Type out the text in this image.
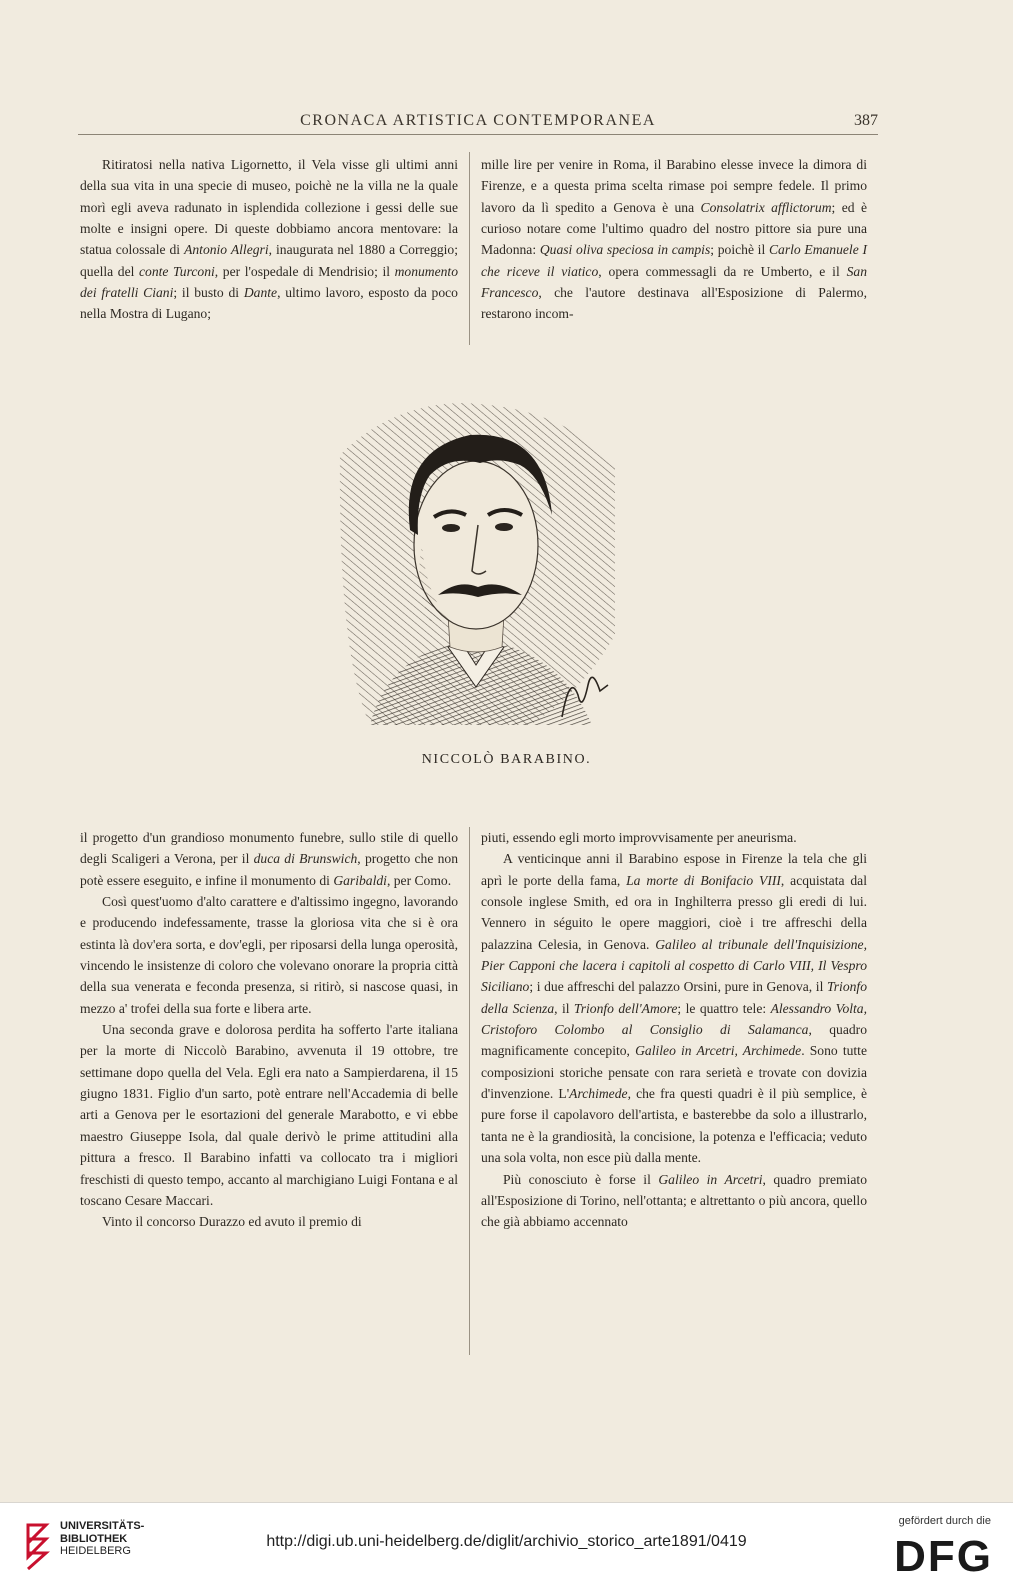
CRONACA ARTISTICA CONTEMPORANEA	387

Ritiratosi nella nativa Ligornetto, il Vela visse gli ultimi anni della sua vita in una specie di museo, poichè ne la villa ne la quale morì egli aveva radunato in isplendida collezione i gessi delle sue molte e insigni opere. Di queste dobbiamo ancora mentovare: la statua colossale di Antonio Allegri, inaugurata nel 1880 a Correggio; quella del conte Turconi, per l'ospedale di Mendrisio; il monumento dei fratelli Ciani; il busto di Dante, ultimo lavoro, esposto da poco nella Mostra di Lugano;

mille lire per venire in Roma, il Barabino elesse invece la dimora di Firenze, e a questa prima scelta rimase poi sempre fedele. Il primo lavoro da lì spedito a Genova è una Consolatrix afflictorum; ed è curioso notare come l'ultimo quadro del nostro pittore sia pure una Madonna: Quasi oliva speciosa in campis; poichè il Carlo Emanuele I che riceve il viatico, opera commessagli da re Umberto, e il San Francesco, che l'autore destinava all'Esposizione di Palermo, restarono incom-

NICCOLÒ BARABINO.

il progetto d'un grandioso monumento funebre, sullo stile di quello degli Scaligeri a Verona, per il duca di Brunswich, progetto che non potè essere eseguito, e infine il monumento di Garibaldi, per Como.

Così quest'uomo d'alto carattere e d'altissimo ingegno, lavorando e producendo indefessamente, trasse la gloriosa vita che si è ora estinta là dov'era sorta, e dov'egli, per riposarsi della lunga operosità, vincendo le insistenze di coloro che volevano onorare la propria città della sua venerata e feconda presenza, si ritirò, si nascose quasi, in mezzo a' trofei della sua forte e libera arte.

Una seconda grave e dolorosa perdita ha sofferto l'arte italiana per la morte di Niccolò Barabino, avvenuta il 19 ottobre, tre settimane dopo quella del Vela. Egli era nato a Sampierdarena, il 15 giugno 1831. Figlio d'un sarto, potè entrare nell'Accademia di belle arti a Genova per le esortazioni del generale Marabotto, e vi ebbe maestro Giuseppe Isola, dal quale derivò le prime attitudini alla pittura a fresco. Il Barabino infatti va collocato tra i migliori freschisti di questo tempo, accanto al marchigiano Luigi Fontana e al toscano Cesare Maccari.

Vinto il concorso Durazzo ed avuto il premio di

piuti, essendo egli morto improvvisamente per aneurisma.

A venticinque anni il Barabino espose in Firenze la tela che gli aprì le porte della fama, La morte di Bonifacio VIII, acquistata dal console inglese Smith, ed ora in Inghilterra presso gli eredi di lui. Vennero in séguito le opere maggiori, cioè i tre affreschi della palazzina Celesia, in Genova. Galileo al tribunale dell'Inquisizione, Pier Capponi che lacera i capitoli al cospetto di Carlo VIII, Il Vespro Siciliano; i due affreschi del palazzo Orsini, pure in Genova, il Trionfo della Scienza, il Trionfo dell'Amore; le quattro tele: Alessandro Volta, Cristoforo Colombo al Consiglio di Salamanca, quadro magnificamente concepito, Galileo in Arcetri, Archimede. Sono tutte composizioni storiche pensate con rara serietà e trovate con dovizia d'invenzione. L'Archimede, che fra questi quadri è il più semplice, è pure forse il capolavoro dell'artista, e basterebbe da solo a illustrarlo, tanta ne è la grandiosità, la concisione, la potenza e l'efficacia; veduto una sola volta, non esce più dalla mente.

Più conosciuto è forse il Galileo in Arcetri, quadro premiato all'Esposizione di Torino, nell'ottanta; e altrettanto o più ancora, quello che già abbiamo accennato

UNIVERSITÄTS-
BIBLIOTHEK
HEIDELBERG
http://digi.ub.uni-heidelberg.de/diglit/archivio_storico_arte1891/0419
gefördert durch die
DFG
